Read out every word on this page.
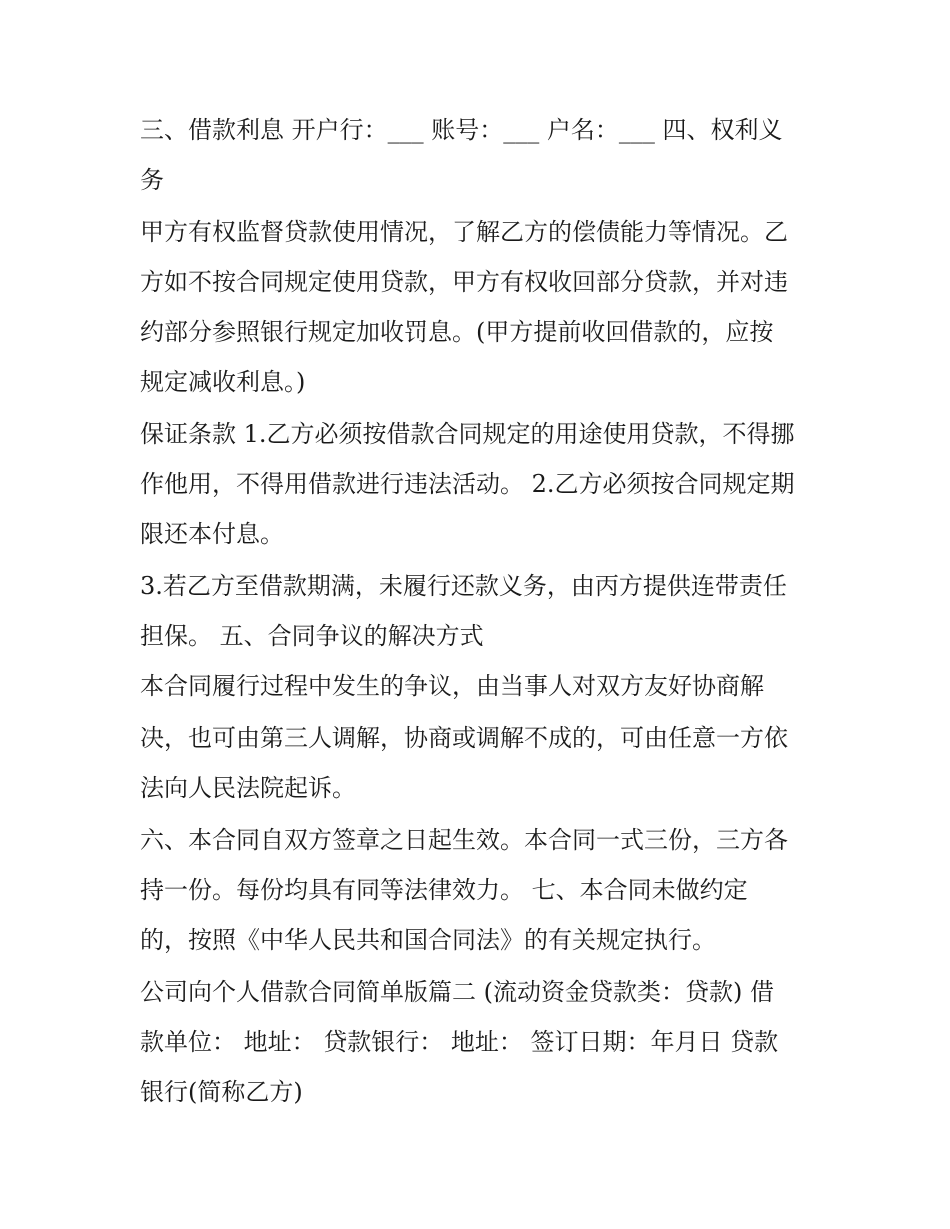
三、借款利息 开户行：___ 账号：___ 户名：___ 四、权利义

务

甲方有权监督贷款使用情况，了解乙方的偿债能力等情况。乙

方如不按合同规定使用贷款，甲方有权收回部分贷款，并对违

约部分参照银行规定加收罚息。(甲方提前收回借款的，应按

规定减收利息。)

保证条款 1.乙方必须按借款合同规定的用途使用贷款，不得挪

作他用，不得用借款进行违法活动。 2.乙方必须按合同规定期

限还本付息。

3.若乙方至借款期满，未履行还款义务，由丙方提供连带责任

担保。 五、合同争议的解决方式

本合同履行过程中发生的争议，由当事人对双方友好协商解

决，也可由第三人调解，协商或调解不成的，可由任意一方依

法向人民法院起诉。

六、本合同自双方签章之日起生效。本合同一式三份，三方各

持一份。每份均具有同等法律效力。 七、本合同未做约定

的，按照《中华人民共和国合同法》的有关规定执行。

公司向个人借款合同简单版篇二 (流动资金贷款类：贷款) 借

款单位： 地址： 贷款银行： 地址： 签订日期：年月日 贷款

银行(简称乙方)
